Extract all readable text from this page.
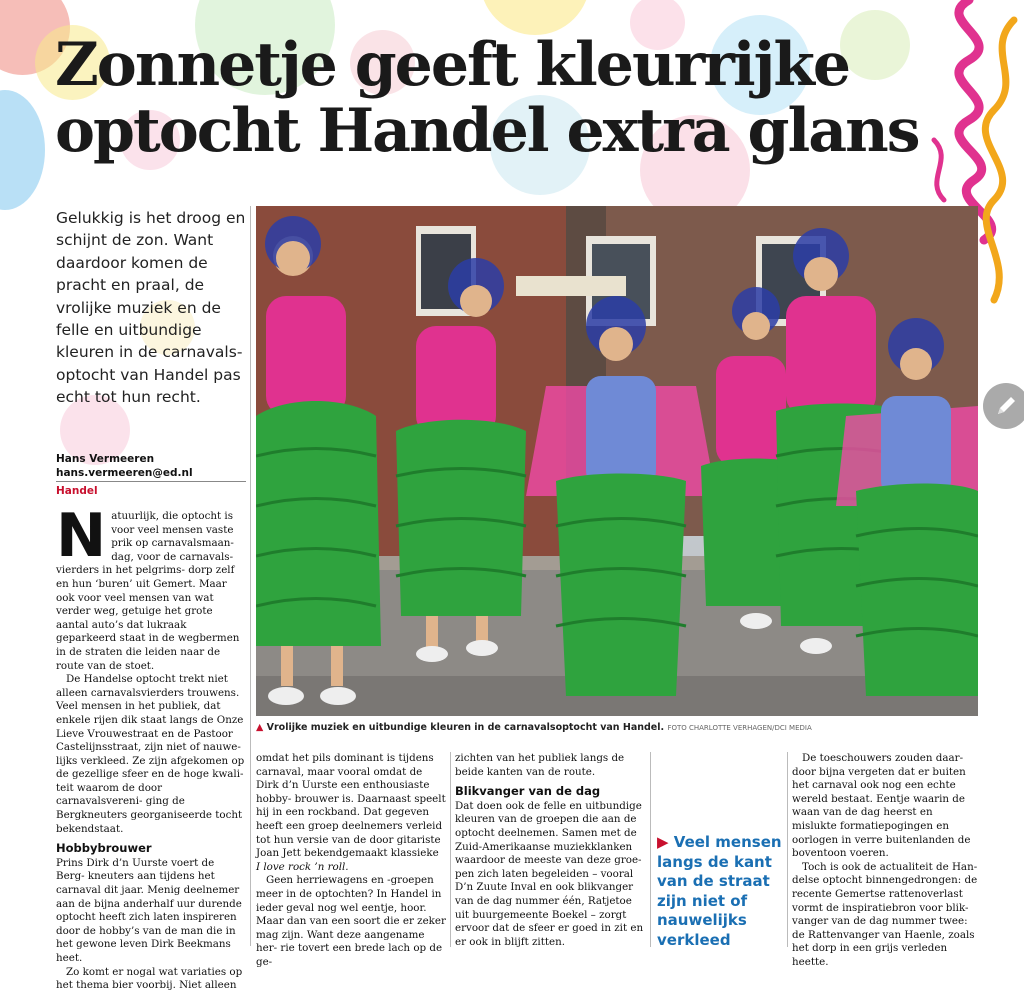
Zonnetje geeft kleurrijke
optocht Handel extra glans

Gelukkig is het droog en schijnt de zon. Want daardoor komen de pracht en praal, de vrolijke muziek en de felle en uitbundige kleuren in de carnavals- optocht van Handel pas echt tot hun recht.

Hans Vermeeren
hans.vermeeren@ed.nl
Handel
▲ Vrolijke muziek en uitbundige kleuren in de carnavalsoptocht van Handel. FOTO CHARLOTTE VERHAGEN/DCI MEDIA
N atuurlijk, die optocht is voor veel mensen vaste prik op carnavalsmaan- dag, voor de carnavals- vierders in het pelgrims- dorp zelf en hun ‘buren’ uit Gemert. Maar ook voor veel mensen van wat verder weg, getuige het grote aantal auto’s dat lukraak geparkeerd staat in de wegbermen in de straten die leiden naar de route van de stoet.

De Handelse optocht trekt niet alleen carnavalsvierders trouwens. Veel mensen in het publiek, dat enkele rijen dik staat langs de Onze Lieve Vrouwestraat en de Pastoor Castelijnsstraat, zijn niet of nauwe- lijks verkleed. Ze zijn afgekomen op de gezellige sfeer en de hoge kwali- teit waarom de door carnavalsvereni- ging de Bergkneuters georganiseerde tocht bekendstaat.

Hobbybrouwer

Prins Dirk d’n Uurste voert de Berg- kneuters aan tijdens het carnaval dit jaar. Menig deelnemer aan de bijna anderhalf uur durende optocht heeft zich laten inspireren door de hobby’s van de man die in het gewone leven Dirk Beekmans heet.

Zo komt er nogal wat variaties op het thema bier voorbij. Niet alleen

omdat het pils dominant is tijdens carnaval, maar vooral omdat de Dirk d’n Uurste een enthousiaste hobby- brouwer is. Daarnaast speelt hij in een rockband. Dat gegeven heeft een groep deelnemers verleid tot hun versie van de door gitariste Joan Jett bekendgemaakt klassieke I love rock ’n roll.

Geen herriewagens en -groepen meer in de optochten? In Handel in ieder geval nog wel eentje, hoor. Maar dan van een soort die er zeker mag zijn. Want deze aangename her- rie tovert een brede lach op de ge-

zichten van het publiek langs de beide kanten van de route.

Blikvanger van de dag

Dat doen ook de felle en uitbundige kleuren van de groepen die aan de optocht deelnemen. Samen met de Zuid-Amerikaanse muziekklanken waardoor de meeste van deze groe- pen zich laten begeleiden – vooral D’n Zuute Inval en ook blikvanger van de dag nummer één, Ratjetoe uit buurgemeente Boekel – zorgt ervoor dat de sfeer er goed in zit en er ook in blijft zitten.

▶ Veel mensen langs de kant van de straat zijn niet of nauwelijks verkleed

De toeschouwers zouden daar- door bijna vergeten dat er buiten het carnaval ook nog een echte wereld bestaat. Eentje waarin de waan van de dag heerst en mislukte formatiepogingen en oorlogen in verre buitenlanden de boventoon voeren.

Toch is ook de actualiteit de Han- delse optocht binnengedrongen: de recente Gemertse rattenoverlast vormt de inspiratiebron voor blik- vanger van de dag nummer twee: de Rattenvanger van Haenle, zoals het dorp in een grijs verleden heette.
